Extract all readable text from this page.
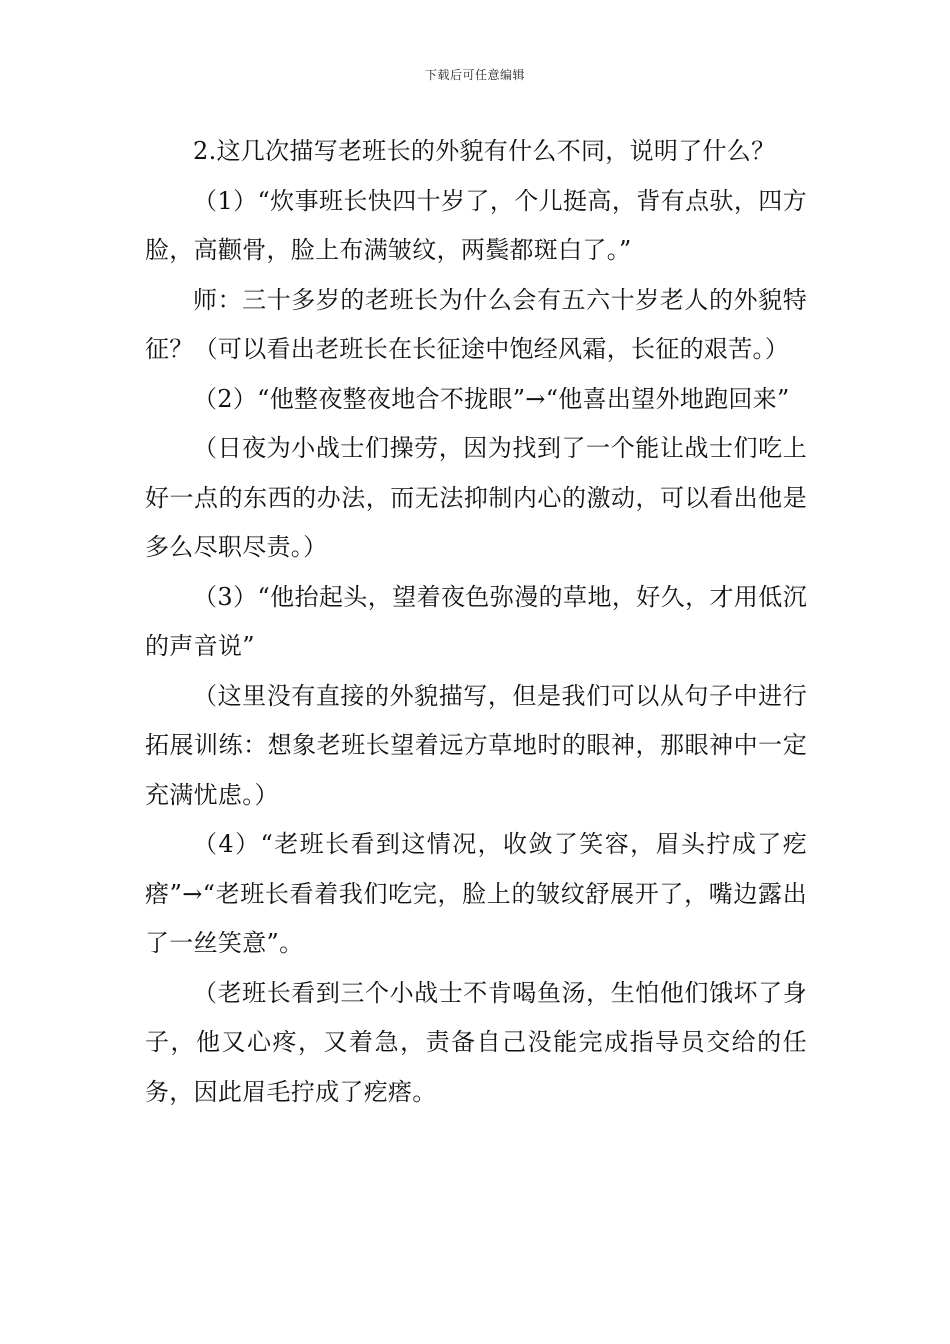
下载后可任意编辑

2.这几次描写老班长的外貌有什么不同，说明了什么？

（1）“炊事班长快四十岁了，个儿挺高，背有点驮，四方脸，高颧骨，脸上布满皱纹，两鬓都斑白了。”

师：三十多岁的老班长为什么会有五六十岁老人的外貌特征？（可以看出老班长在长征途中饱经风霜，长征的艰苦。）

（2）“他整夜整夜地合不拢眼”→“他喜出望外地跑回来”

（日夜为小战士们操劳，因为找到了一个能让战士们吃上好一点的东西的办法，而无法抑制内心的激动，可以看出他是多么尽职尽责。）

（3）“他抬起头，望着夜色弥漫的草地，好久，才用低沉的声音说”

（这里没有直接的外貌描写，但是我们可以从句子中进行拓展训练：想象老班长望着远方草地时的眼神，那眼神中一定充满忧虑。）

（4）“老班长看到这情况，收敛了笑容，眉头拧成了疙瘩”→“老班长看着我们吃完，脸上的皱纹舒展开了，嘴边露出了一丝笑意”。

（老班长看到三个小战士不肯喝鱼汤，生怕他们饿坏了身子，他又心疼，又着急，责备自己没能完成指导员交给的任务，因此眉毛拧成了疙瘩。
